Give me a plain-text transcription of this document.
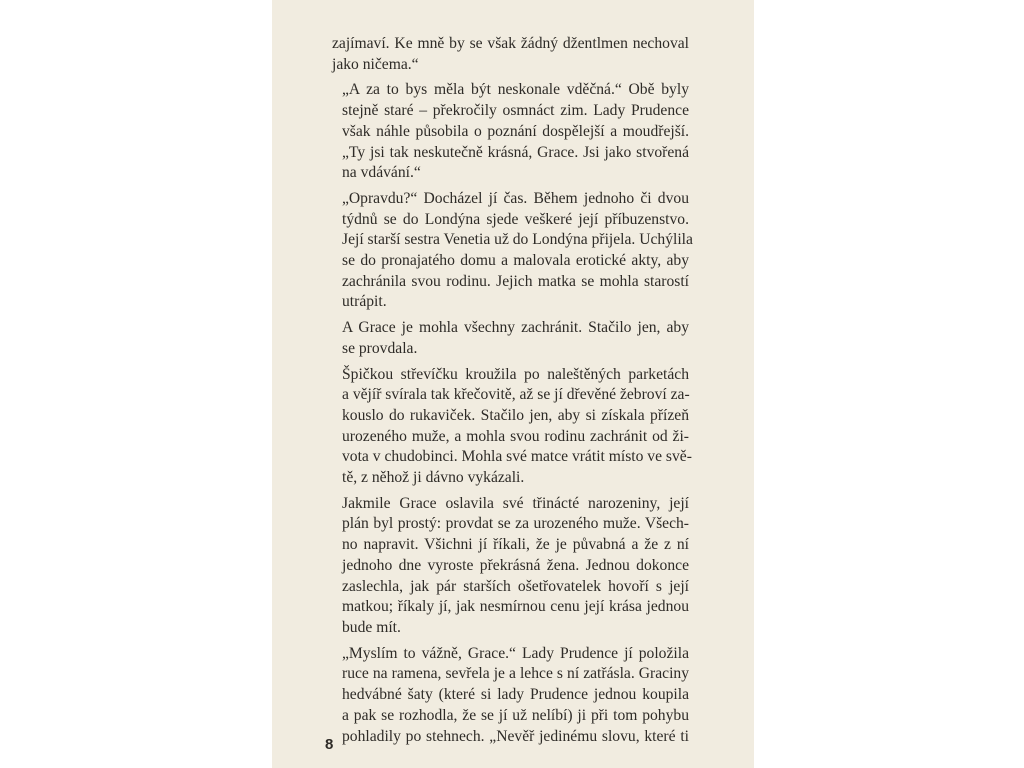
zajímaví. Ke mně by se však žádný džentlmen nechoval
jako ničema.“

„A za to bys měla být neskonale vděčná.“ Obě byly
stejně staré – překročily osmnáct zim. Lady Prudence
však náhle působila o poznání dospělejší a moudřejší.
„Ty jsi tak neskutečně krásná, Grace. Jsi jako stvořená
na vdávání.“

„Opravdu?“ Docházel jí čas. Během jednoho či dvou
týdnů se do Londýna sjede veškeré její příbuzenstvo.
Její starší sestra Venetia už do Londýna přijela. Uchýlila
se do pronajatého domu a malovala erotické akty, aby
zachránila svou rodinu. Jejich matka se mohla starostí
utrápit.

A Grace je mohla všechny zachránit. Stačilo jen, aby
se provdala.

Špičkou střevíčku kroužila po naleštěných parketách
a vějíř svírala tak křečovitě, až se jí dřevěné žebroví za-
kouslo do rukaviček. Stačilo jen, aby si získala přízeň
urozeného muže, a mohla svou rodinu zachránit od ži-
vota v chudobinci. Mohla své matce vrátit místo ve svě-
tě, z něhož ji dávno vykázali.

Jakmile Grace oslavila své třinácté narozeniny, její
plán byl prostý: provdat se za urozeného muže. Všech-
no napravit. Všichni jí říkali, že je půvabná a že z ní
jednoho dne vyroste překrásná žena. Jednou dokonce
zaslechla, jak pár starších ošetřovatelek hovoří s její
matkou; říkaly jí, jak nesmírnou cenu její krása jednou
bude mít.

„Myslím to vážně, Grace.“ Lady Prudence jí položila
ruce na ramena, sevřela je a lehce s ní zatřásla. Graciny
hedvábné šaty (které si lady Prudence jednou koupila
a pak se rozhodla, že se jí už nelíbí) ji při tom pohybu
pohladily po stehnech. „Nevěř jedinému slovu, které ti

8
